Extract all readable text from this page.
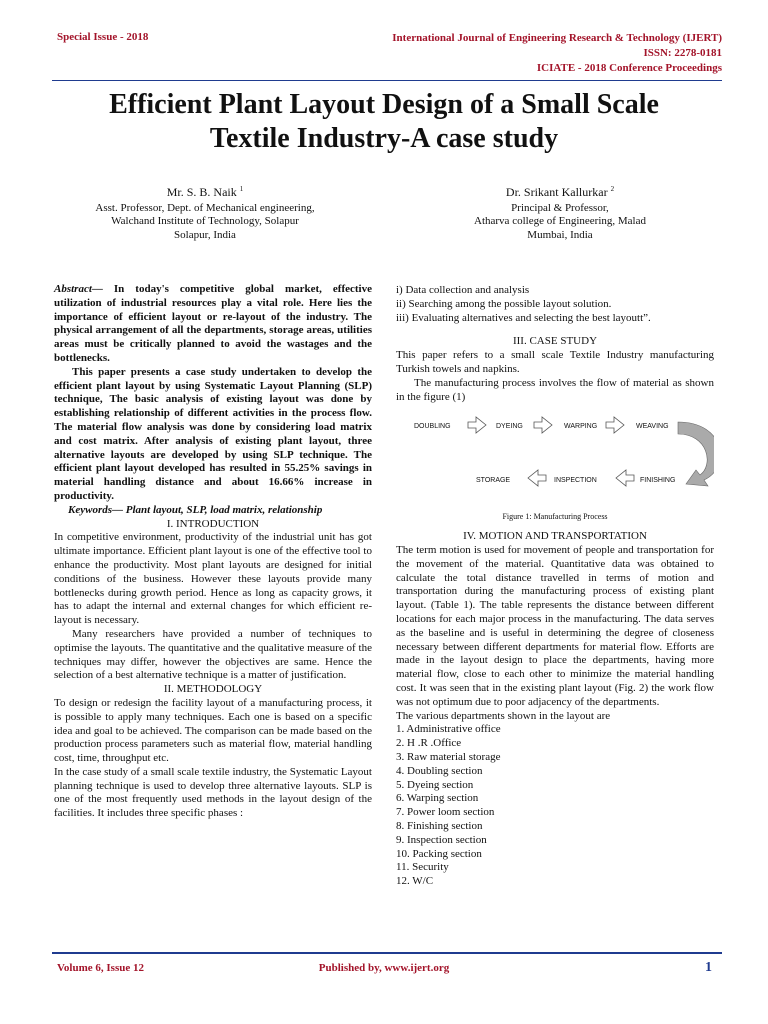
Special Issue - 2018	International Journal of Engineering Research & Technology (IJERT)
ISSN: 2278-0181
ICIATE - 2018 Conference Proceedings
Efficient Plant Layout Design of a Small Scale
Textile Industry-A case study
Mr. S. B. Naik $^1$
Asst. Professor, Dept. of Mechanical engineering,
Walchand Institute of Technology, Solapur
Solapur, India
Dr. Srikant Kallurkar $^2$
Principal & Professor,
Atharva college of Engineering, Malad
Mumbai, India

Abstract— In today's competitive global market, effective utilization of industrial resources play a vital role. Here lies the importance of efficient layout or re-layout of the industry. The physical arrangement of all the departments, storage areas, utilities areas must be critically planned to avoid the wastages and the bottlenecks.

This paper presents a case study undertaken to develop the efficient plant layout by using Systematic Layout Planning (SLP) technique, The basic analysis of existing layout was done by establishing relationship of different activities in the process flow. The material flow analysis was done by considering load matrix and cost matrix. After analysis of existing plant layout, three alternative layouts are developed by using SLP technique. The efficient plant layout developed has resulted in 55.25% savings in material handling distance and about 16.66% increase in productivity.

Keywords— Plant layout, SLP, load matrix, relationship

I. INTRODUCTION

In competitive environment, productivity of the industrial unit has got ultimate importance. Efficient plant layout is one of the effective tool to enhance the productivity. Most plant layouts are designed for initial conditions of the business. However these layouts provide many bottlenecks during growth period. Hence as long as capacity grows, it has to adapt the internal and external changes for which efficient re-layout is necessary.

Many researchers have provided a number of techniques to optimise the layouts. The quantitative and the qualitative measure of the techniques may differ, however the objectives are same. Hence the selection of a best alternative technique is a matter of justification.

II. METHODOLOGY

To design or redesign the facility layout of a manufacturing process, it is possible to apply many techniques. Each one is based on a specific idea and goal to be achieved. The comparison can be made based on the production process parameters such as material flow, material handling cost, time, throughput etc.

In the case study of a small scale textile industry, the Systematic Layout planning technique is used to develop three alternative layouts. SLP is one of the most frequently used methods in the layout design of the facilities. It includes three specific phases :

i) Data collection and analysis
ii) Searching among the possible layout solution.
iii) Evaluating alternatives and selecting the best layoutt”.

III. CASE STUDY

This paper refers to a small scale Textile Industry manufacturing Turkish towels and napkins.

The manufacturing process involves the flow of material as shown in the figure (1)

DOUBLING	DYEING	WARPING	WEAVING
STORAGE	INSPECTION	FINISHING

Figure 1: Manufacturing Process

IV. MOTION AND TRANSPORTATION

The term motion is used for movement of people and transportation for the movement of the material. Quantitative data was obtained to calculate the total distance travelled in terms of motion and transportation during the manufacturing process of existing plant layout. (Table 1). The table represents the distance between different locations for each major process in the manufacturing. The data serves as the baseline and is useful in determining the degree of closeness necessary between different departments for material flow. Efforts are made in the layout design to place the departments, having more material flow, close to each other to minimize the material handling cost. It was seen that in the existing plant layout (Fig. 2) the work flow was not optimum due to poor adjacency of the departments.

The various departments shown in the layout are

1. Administrative office
2. H .R .Office
3. Raw material storage
4. Doubling section
5. Dyeing section
6. Warping section
7. Power loom section
8. Finishing section
9. Inspection section
10. Packing section
11. Security
12. W/C
Volume 6, Issue 12	Published by, www.ijert.org	1
